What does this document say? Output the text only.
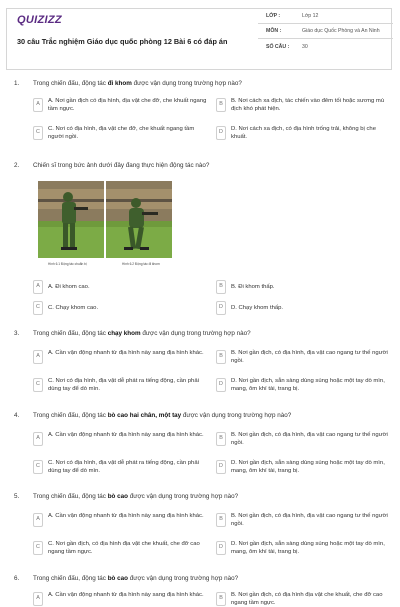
QUIZIZZ
30 câu Trắc nghiệm Giáo dục quốc phòng 12 Bài 6 có đáp án
LỚP :	Lớp 12
MÔN :	Giáo dục Quốc Phòng và An Ninh
SỐ CÂU :	30
1.	Trong chiến đấu, động tác đi khom được vận dụng trong trường hợp nào?
A
A. Nơi gần địch có địa hình, địa vật che đỡ, che khuất ngang tầm ngực.
B
B. Nơi cách xa địch, tác chiến vào đêm tối hoặc sương mù địch khó phát hiện.
C
C. Nơi có địa hình, địa vật che đỡ, che khuất ngang tầm người ngồi.
D
D. Nơi cách xa địch, có địa hình trống trải, không bị che khuất.
2.	Chiến sĩ trong bức ảnh dưới đây đang thực hiện động tác nào?
Hình 6.1 Động tác chuẩn bị	Hình 6.2 Động tác đi khom
A	A. Đi khom cao.	B	B. Đi khom thấp.
C	C. Chạy khom cao.	D	D. Chạy khom thấp.
3.	Trong chiến đấu, động tác chạy khom được vận dụng trong trường hợp nào?
A
A. Cần vận động nhanh từ địa hình này sang địa hình khác.
B
B. Nơi gần địch, có địa hình, địa vật cao ngang tư thế người ngồi.
C
C. Nơi có địa hình, địa vật dễ phát ra tiếng động, cần phải dùng tay để dò mìn.
D
D. Nơi gần địch, sẵn sàng dùng súng hoặc một tay dò mìn, mang, ôm khí tài, trang bị.
4.	Trong chiến đấu, động tác bò cao hai chân, một tay được vận dụng trong trường hợp nào?
A
A. Cần vận động nhanh từ địa hình này sang địa hình khác.
B
B. Nơi gần địch, có địa hình, địa vật cao ngang tư thế người ngồi.
C
C. Nơi có địa hình, địa vật dễ phát ra tiếng động, cần phải dùng tay để dò mìn.
D
D. Nơi gần địch, sẵn sàng dùng súng hoặc một tay dò mìn, mang, ôm khí tài, trang bị.
5.	Trong chiến đấu, động tác bò cao được vận dụng trong trường hợp nào?
A
A. Cần vận động nhanh từ địa hình này sang địa hình khác.
B
B. Nơi gần địch, có địa hình, địa vật cao ngang tư thế người ngồi.
C
C. Nơi gần địch, có địa hình địa vật che khuất, che đỡ cao ngang tầm ngực.
D
D. Nơi gần địch, sẵn sàng dùng súng hoặc một tay dò mìn, mang, ôm khí tài, trang bị.
6.	Trong chiến đấu, động tác bò cao được vận dụng trong trường hợp nào?
A
A. Cần vận động nhanh từ địa hình này sang địa hình khác.
B
B. Nơi gần địch, có địa hình địa vật che khuất, che đỡ cao ngang tầm ngực.
